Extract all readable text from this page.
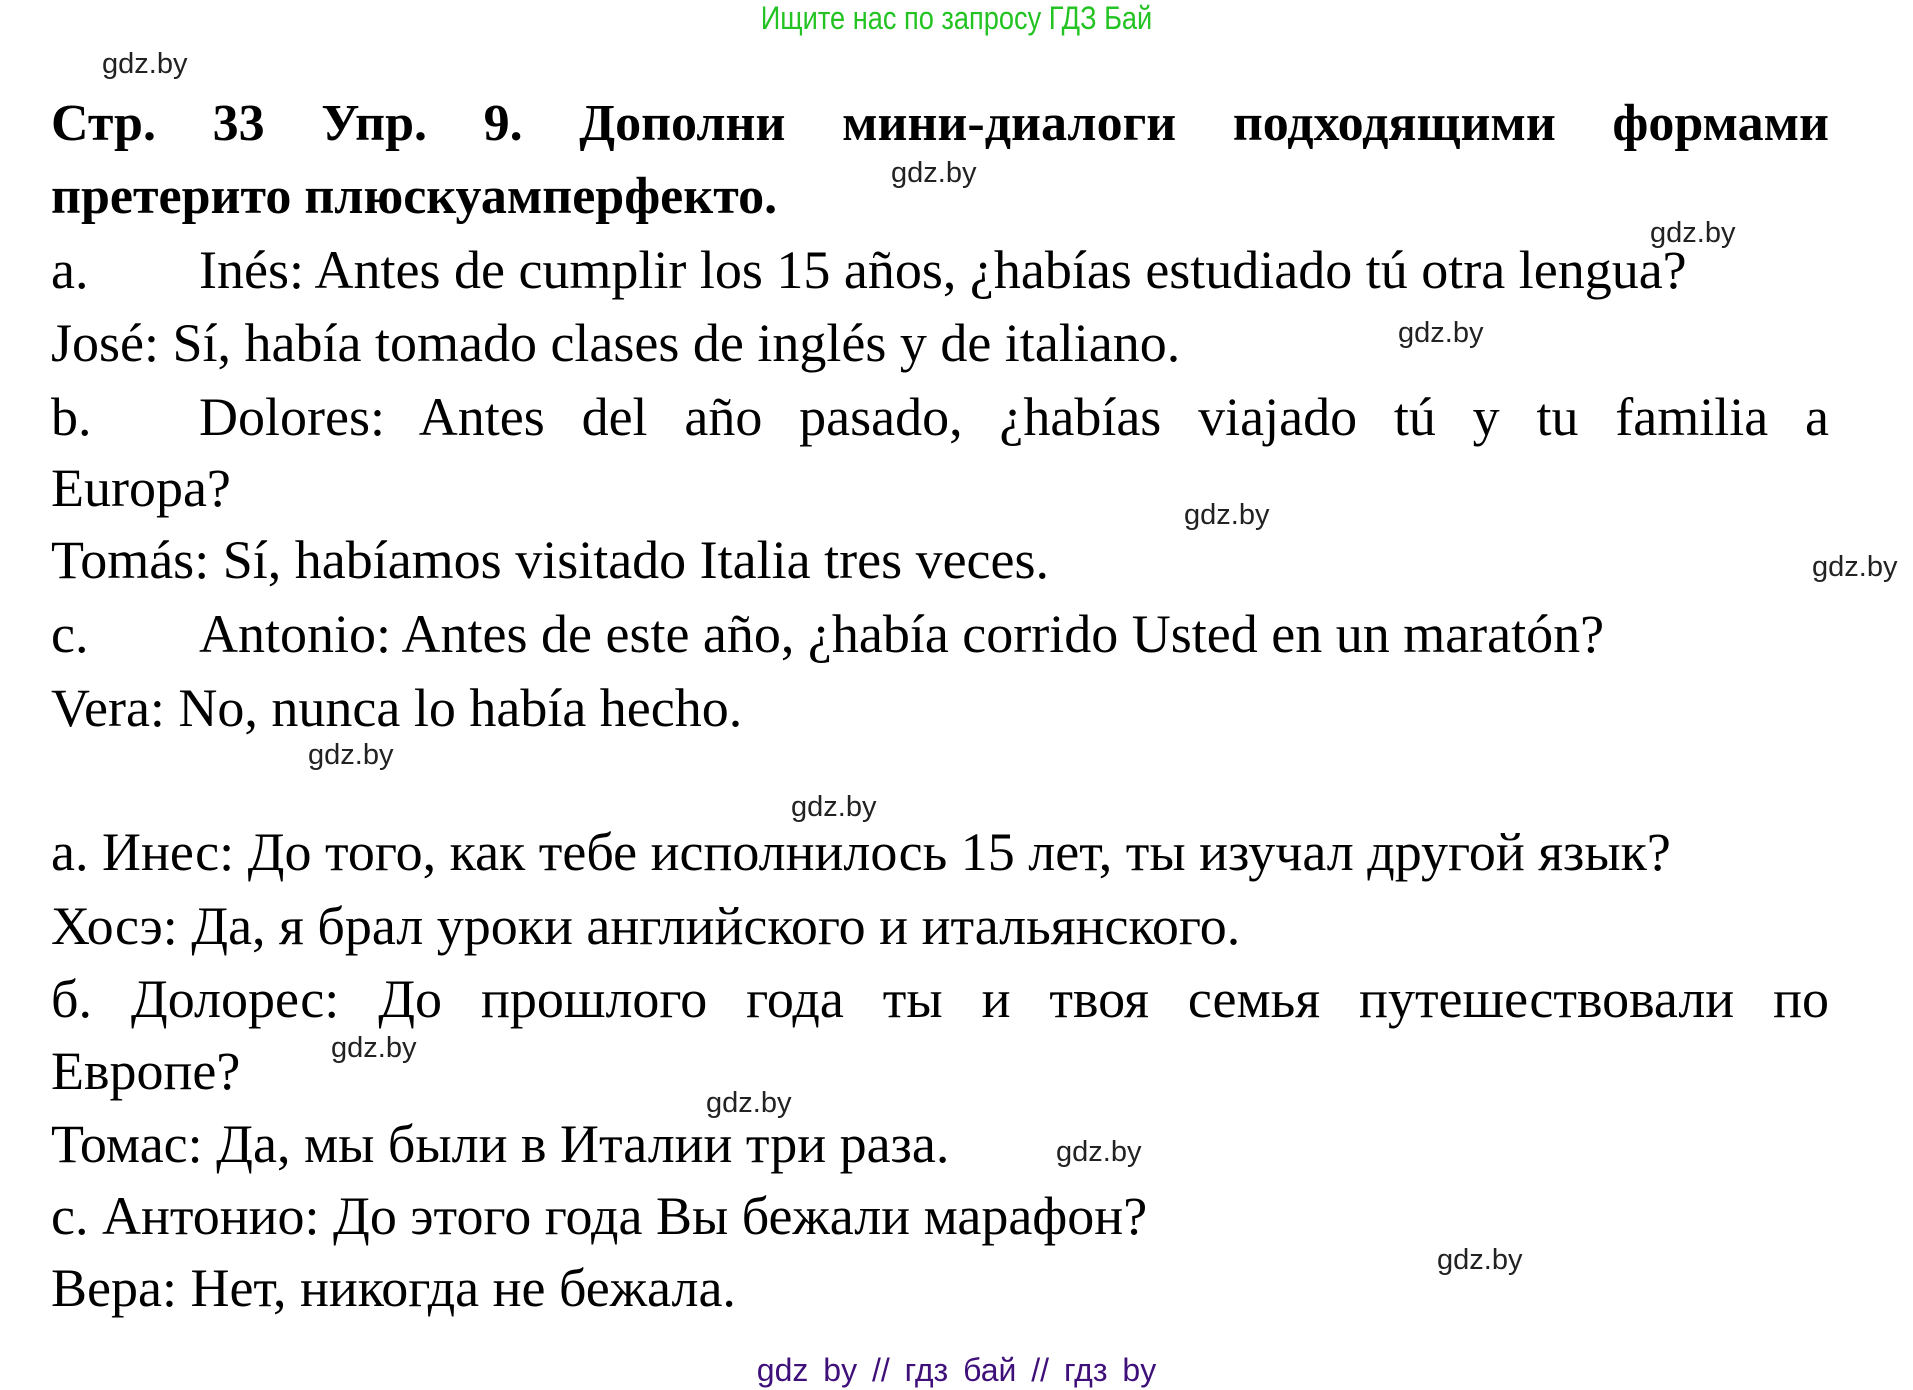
Ищите нас по запросу ГДЗ Бай
Стр. 33 Упр. 9. Дополни мини-диалоги подходящими формами
претерито плюскуамперфекто.
a. Inés: Antes de cumplir los 15 años, ¿habías estudiado tú otra lengua?
José: Sí, había tomado clases de inglés y de italiano.
b.	Dolores: Antes del año pasado, ¿habías viajado tú y tu familia a
Europa?
Tomás: Sí, habíamos visitado Italia tres veces.
c. Antonio: Antes de este año, ¿había corrido Usted en un maratón?
Vera: No, nunca lo había hecho.
а. Инес: До того, как тебе исполнилось 15 лет, ты изучал другой язык?
Хосэ: Да, я брал уроки английского и итальянского.
б. Долорес: До прошлого года ты и твоя семья путешествовали по
Европе?
Томас: Да, мы были в Италии три раза.
с. Антонио: До этого года Вы бежали марафон?
Вера: Нет, никогда не бежала.
gdz.by
gdz.by
gdz.by
gdz.by
gdz.by
gdz.by
gdz.by
gdz.by
gdz.by
gdz.by
gdz.by
gdz.by
gdz by // гдз бай // гдз by
